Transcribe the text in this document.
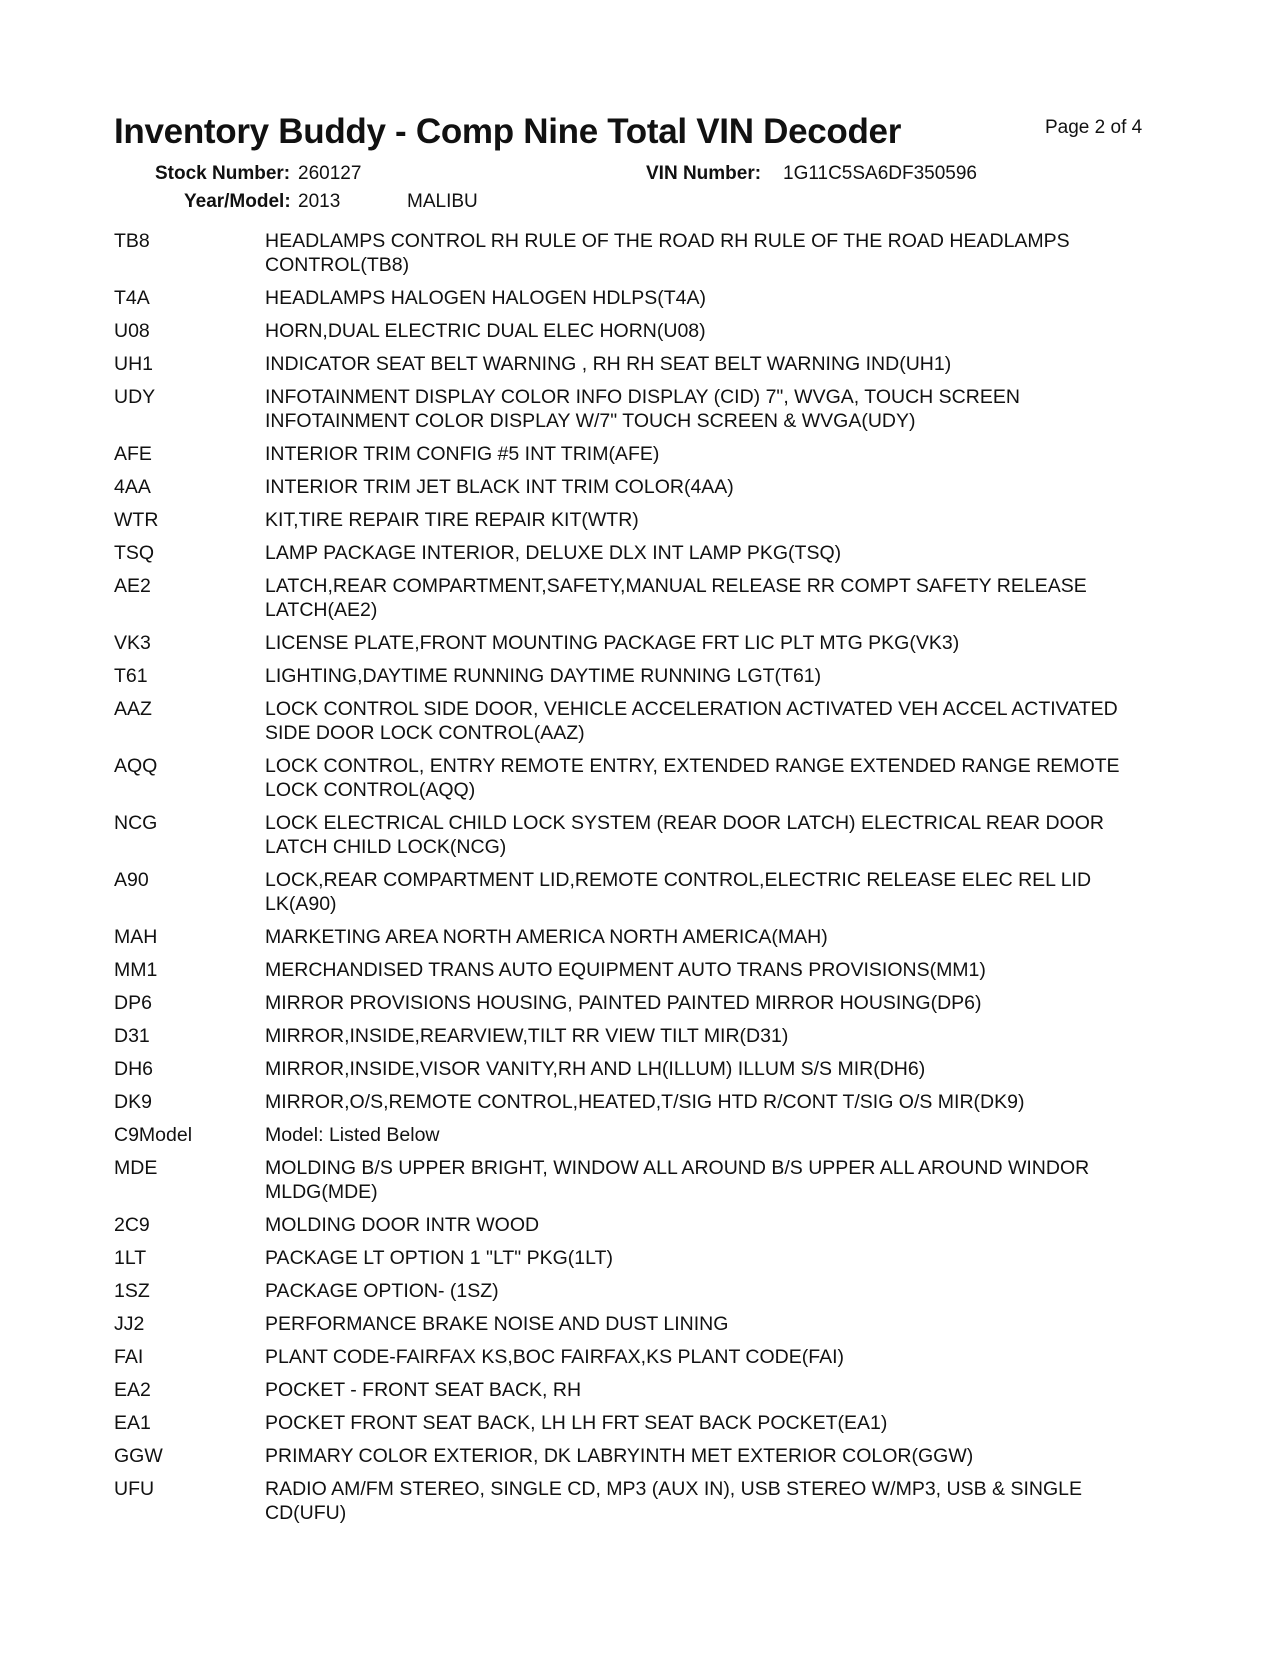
Inventory Buddy - Comp Nine Total VIN Decoder	Page 2 of 4
Stock Number: 260127	VIN Number: 1G11C5SA6DF350596
Year/Model: 2013	MALIBU
TB8	HEADLAMPS CONTROL RH RULE OF THE ROAD RH RULE OF THE ROAD HEADLAMPS CONTROL(TB8)
T4A	HEADLAMPS HALOGEN HALOGEN HDLPS(T4A)
U08	HORN,DUAL ELECTRIC DUAL ELEC HORN(U08)
UH1	INDICATOR SEAT BELT WARNING , RH RH SEAT BELT WARNING IND(UH1)
UDY	INFOTAINMENT DISPLAY COLOR INFO DISPLAY (CID) 7", WVGA, TOUCH SCREEN INFOTAINMENT COLOR DISPLAY W/7" TOUCH SCREEN & WVGA(UDY)
AFE	INTERIOR TRIM CONFIG #5 INT TRIM(AFE)
4AA	INTERIOR TRIM JET BLACK INT TRIM COLOR(4AA)
WTR	KIT,TIRE REPAIR TIRE REPAIR KIT(WTR)
TSQ	LAMP PACKAGE INTERIOR, DELUXE DLX INT LAMP PKG(TSQ)
AE2	LATCH,REAR COMPARTMENT,SAFETY,MANUAL RELEASE RR COMPT SAFETY RELEASE LATCH(AE2)
VK3	LICENSE PLATE,FRONT MOUNTING PACKAGE FRT LIC PLT MTG PKG(VK3)
T61	LIGHTING,DAYTIME RUNNING DAYTIME RUNNING LGT(T61)
AAZ	LOCK CONTROL SIDE DOOR, VEHICLE ACCELERATION ACTIVATED VEH ACCEL ACTIVATED SIDE DOOR LOCK CONTROL(AAZ)
AQQ	LOCK CONTROL, ENTRY REMOTE ENTRY, EXTENDED RANGE EXTENDED RANGE REMOTE LOCK CONTROL(AQQ)
NCG	LOCK ELECTRICAL CHILD LOCK SYSTEM (REAR DOOR LATCH) ELECTRICAL REAR DOOR LATCH CHILD LOCK(NCG)
A90	LOCK,REAR COMPARTMENT LID,REMOTE CONTROL,ELECTRIC RELEASE ELEC REL LID LK(A90)
MAH	MARKETING AREA NORTH AMERICA NORTH AMERICA(MAH)
MM1	MERCHANDISED TRANS AUTO EQUIPMENT AUTO TRANS PROVISIONS(MM1)
DP6	MIRROR PROVISIONS HOUSING, PAINTED PAINTED MIRROR HOUSING(DP6)
D31	MIRROR,INSIDE,REARVIEW,TILT RR VIEW TILT MIR(D31)
DH6	MIRROR,INSIDE,VISOR VANITY,RH AND LH(ILLUM) ILLUM S/S MIR(DH6)
DK9	MIRROR,O/S,REMOTE CONTROL,HEATED,T/SIG HTD R/CONT T/SIG O/S MIR(DK9)
C9Model	Model: Listed Below
MDE	MOLDING B/S UPPER BRIGHT, WINDOW ALL AROUND B/S UPPER ALL AROUND WINDOR MLDG(MDE)
2C9	MOLDING DOOR INTR WOOD
1LT	PACKAGE LT OPTION 1 "LT" PKG(1LT)
1SZ	PACKAGE OPTION- (1SZ)
JJ2	PERFORMANCE BRAKE NOISE AND DUST LINING
FAI	PLANT CODE-FAIRFAX KS,BOC FAIRFAX,KS PLANT CODE(FAI)
EA2	POCKET - FRONT SEAT BACK, RH
EA1	POCKET FRONT SEAT BACK, LH LH FRT SEAT BACK POCKET(EA1)
GGW	PRIMARY COLOR EXTERIOR, DK LABRYINTH MET EXTERIOR COLOR(GGW)
UFU	RADIO AM/FM STEREO, SINGLE CD, MP3 (AUX IN), USB STEREO W/MP3, USB & SINGLE CD(UFU)
